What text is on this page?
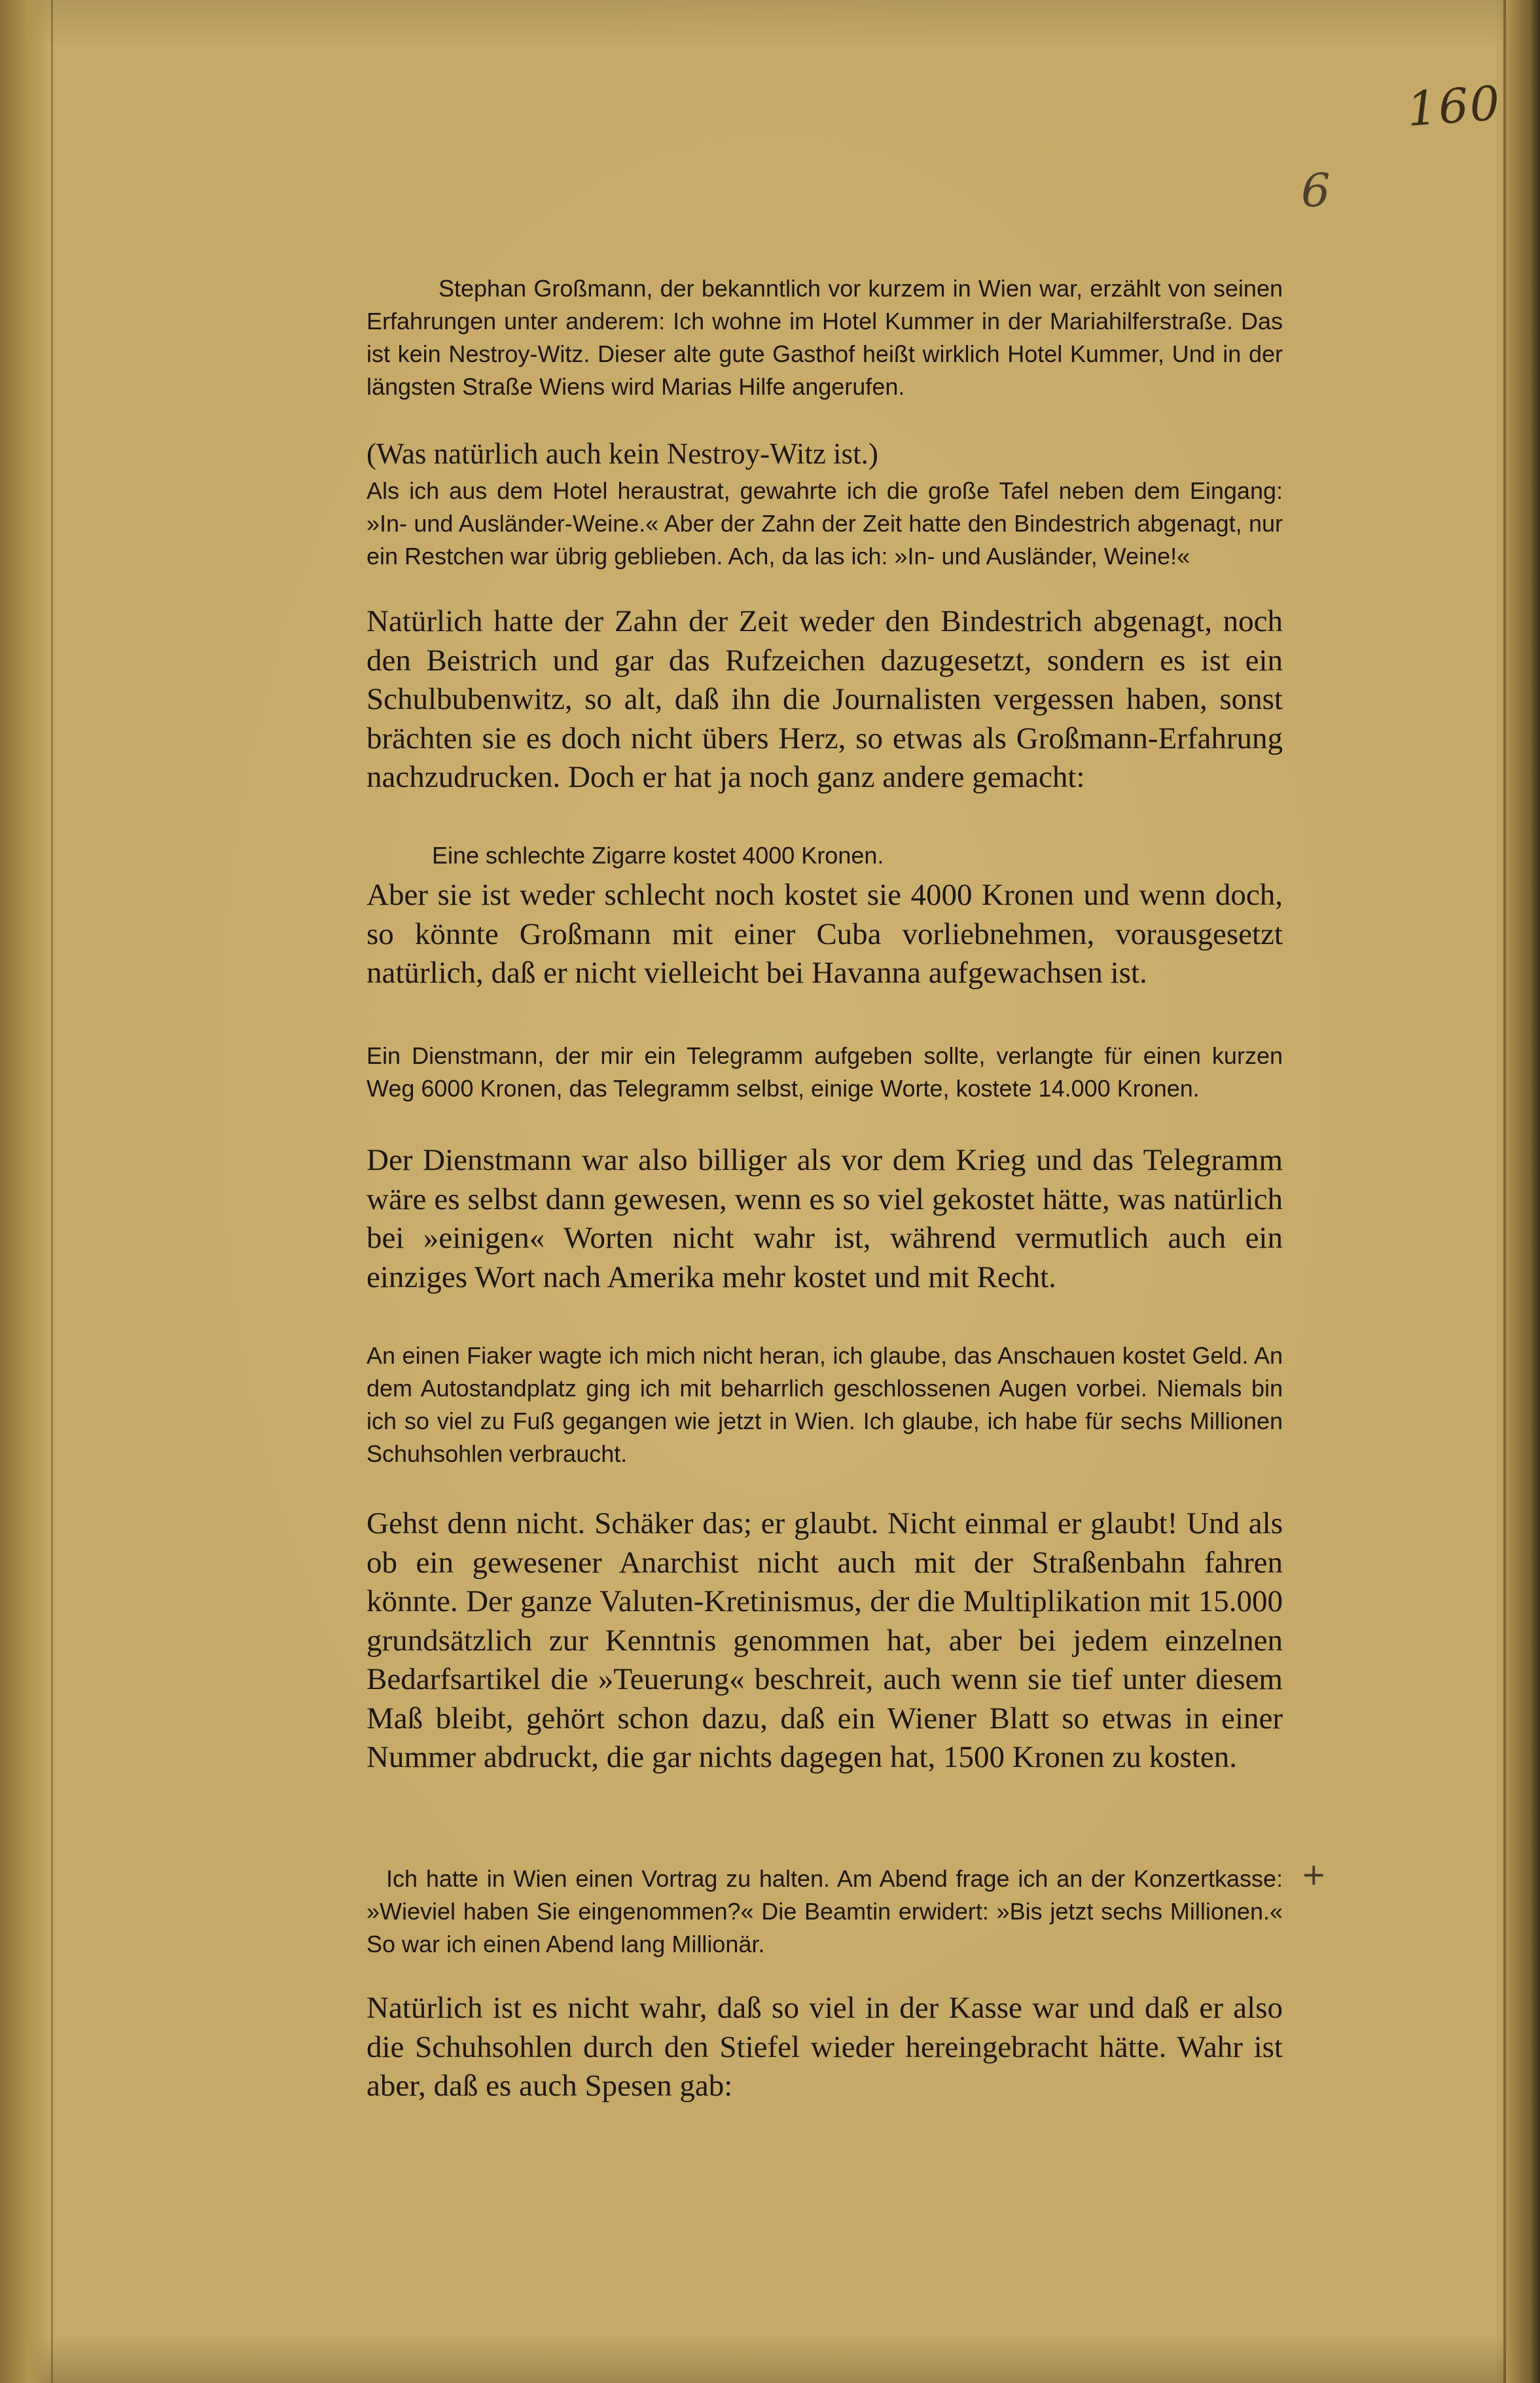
160

6

+

Stephan Großmann, der bekanntlich vor kurzem in Wien war, erzählt von seinen Erfahrungen unter anderem: Ich wohne im Hotel Kummer in der Mariahilferstraße. Das ist kein Nestroy-Witz. Dieser alte gute Gasthof heißt wirklich Hotel Kummer, Und in der längsten Straße Wiens wird Marias Hilfe angerufen.

(Was natürlich auch kein Nestroy-Witz ist.)

Als ich aus dem Hotel heraustrat, gewahrte ich die große Tafel neben dem Eingang: »In- und Ausländer-Weine.« Aber der Zahn der Zeit hatte den Bindestrich abgenagt, nur ein Restchen war übrig geblieben. Ach, da las ich: »In- und Ausländer, Weine!«

Natürlich hatte der Zahn der Zeit weder den Bindestrich abgenagt, noch den Beistrich und gar das Rufzeichen dazugesetzt, sondern es ist ein Schulbubenwitz, so alt, daß ihn die Journalisten vergessen haben, sonst brächten sie es doch nicht übers Herz, so etwas als Großmann-Erfahrung nachzudrucken. Doch er hat ja noch ganz andere gemacht:

Eine schlechte Zigarre kostet 4000 Kronen.

Aber sie ist weder schlecht noch kostet sie 4000 Kronen und wenn doch, so könnte Großmann mit einer Cuba vorliebnehmen, vorausgesetzt natürlich, daß er nicht vielleicht bei Havanna aufgewachsen ist.

Ein Dienstmann, der mir ein Telegramm aufgeben sollte, verlangte für einen kurzen Weg 6000 Kronen, das Telegramm selbst, einige Worte, kostete 14.000 Kronen.

Der Dienstmann war also billiger als vor dem Krieg und das Telegramm wäre es selbst dann gewesen, wenn es so viel gekostet hätte, was natürlich bei »einigen« Worten nicht wahr ist, während vermutlich auch ein einziges Wort nach Amerika mehr kostet und mit Recht.

An einen Fiaker wagte ich mich nicht heran, ich glaube, das Anschauen kostet Geld. An dem Autostandplatz ging ich mit beharrlich geschlossenen Augen vorbei. Niemals bin ich so viel zu Fuß gegangen wie jetzt in Wien. Ich glaube, ich habe für sechs Millionen Schuhsohlen verbraucht.

Gehst denn nicht. Schäker das; er glaubt. Nicht einmal er glaubt! Und als ob ein gewesener Anarchist nicht auch mit der Straßenbahn fahren könnte. Der ganze Valuten-Kretinismus, der die Multiplikation mit 15.000 grundsätzlich zur Kenntnis genommen hat, aber bei jedem einzelnen Bedarfsartikel die »Teuerung« beschreit, auch wenn sie tief unter diesem Maß bleibt, gehört schon dazu, daß ein Wiener Blatt so etwas in einer Nummer abdruckt, die gar nichts dagegen hat, 1500 Kronen zu kosten.

Ich hatte in Wien einen Vortrag zu halten. Am Abend frage ich an der Konzertkasse: »Wieviel haben Sie eingenommen?« Die Beamtin erwidert: »Bis jetzt sechs Millionen.« So war ich einen Abend lang Millionär.

Natürlich ist es nicht wahr, daß so viel in der Kasse war und daß er also die Schuhsohlen durch den Stiefel wieder hereingebracht hätte. Wahr ist aber, daß es auch Spesen gab:
